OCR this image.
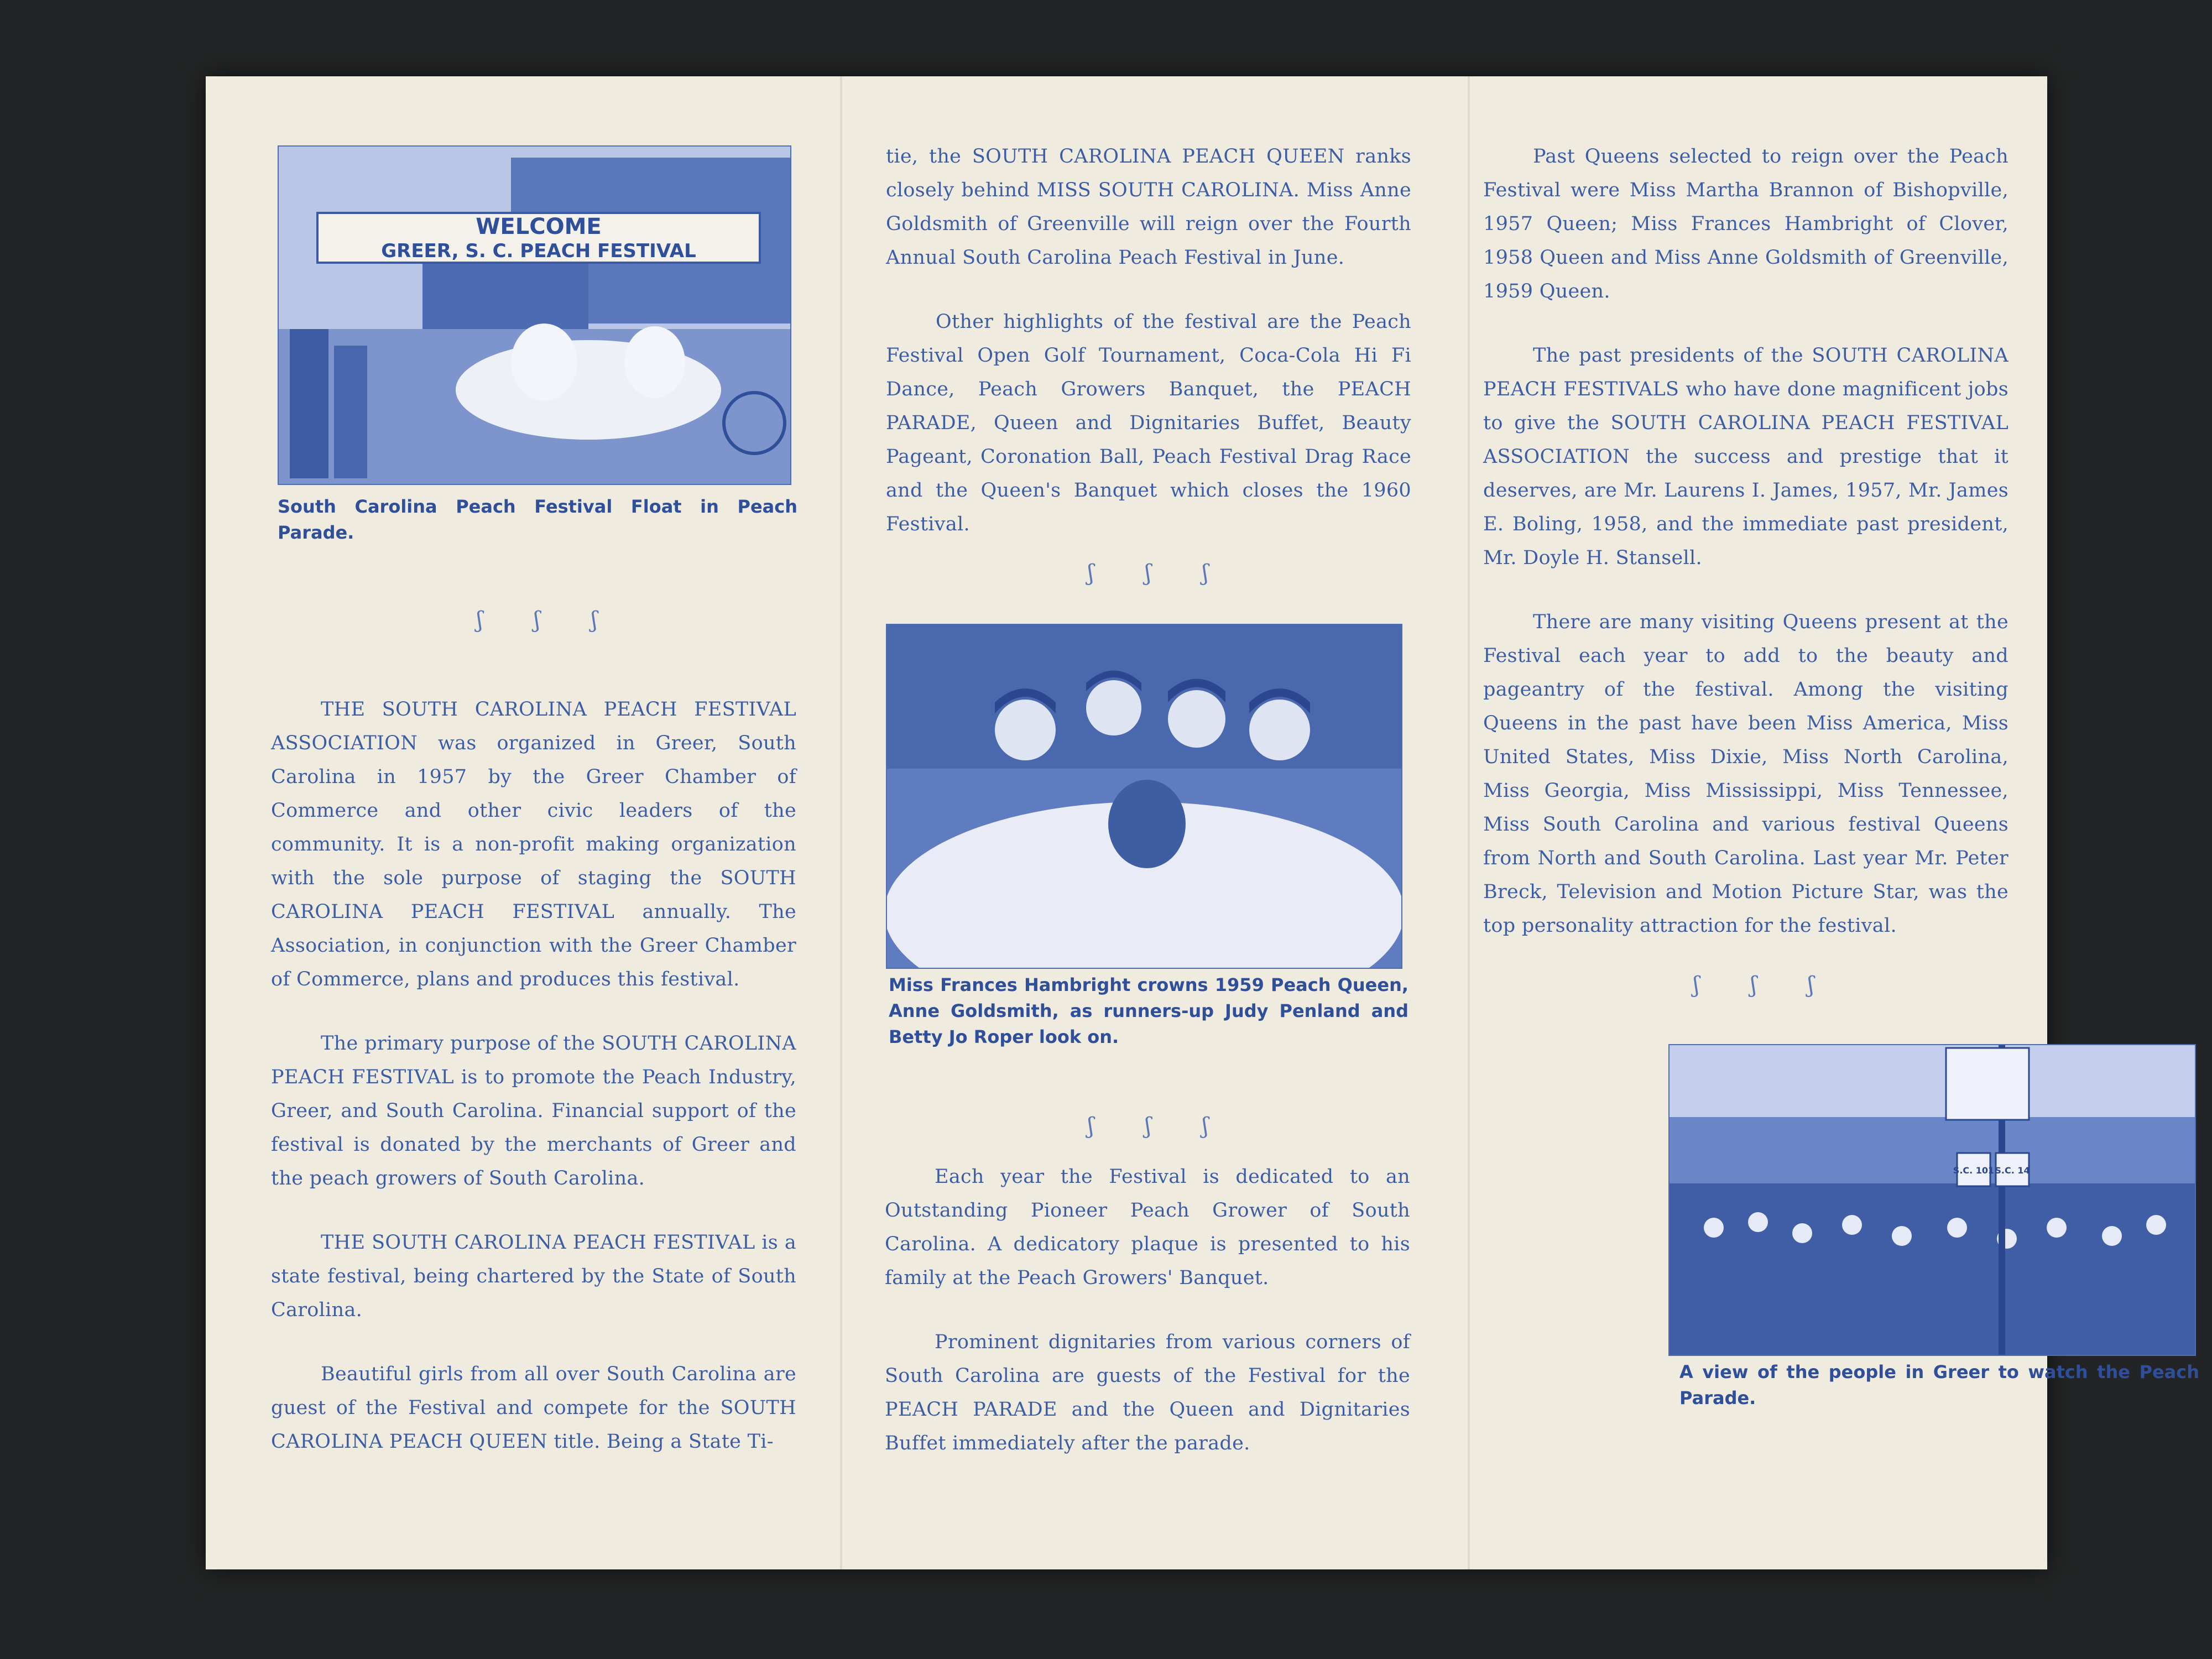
WELCOME
GREER, S. C. PEACH FESTIVAL
South Carolina Peach Festival Float in Peach Parade.
ʃ ʃ ʃ

THE SOUTH CAROLINA PEACH FESTIVAL ASSOCIATION was organized in Greer, South Carolina in 1957 by the Greer Chamber of Commerce and other civic leaders of the community. It is a non-profit making organization with the sole purpose of staging the SOUTH CAROLINA PEACH FESTIVAL annually. The Association, in conjunction with the Greer Chamber of Commerce, plans and produces this festival.

The primary purpose of the SOUTH CAROLINA PEACH FESTIVAL is to promote the Peach Industry, Greer, and South Carolina. Financial support of the festival is donated by the merchants of Greer and the peach growers of South Carolina.

THE SOUTH CAROLINA PEACH FESTIVAL is a state festival, being chartered by the State of South Carolina.

Beautiful girls from all over South Carolina are guest of the Festival and compete for the SOUTH CAROLINA PEACH QUEEN title. Being a State Ti-

tie, the SOUTH CAROLINA PEACH QUEEN ranks closely behind MISS SOUTH CAROLINA. Miss Anne Goldsmith of Greenville will reign over the Fourth Annual South Carolina Peach Festival in June.

Other highlights of the festival are the Peach Festival Open Golf Tournament, Coca-Cola Hi Fi Dance, Peach Growers Banquet, the PEACH PARADE, Queen and Dignitaries Buffet, Beauty Pageant, Coronation Ball, Peach Festival Drag Race and the Queen's Banquet which closes the 1960 Festival.

ʃ ʃ ʃ
Miss Frances Hambright crowns 1959 Peach Queen, Anne Goldsmith, as runners-up Judy Penland and Betty Jo Roper look on.
ʃ ʃ ʃ

Each year the Festival is dedicated to an Outstanding Pioneer Peach Grower of South Carolina. A dedicatory plaque is presented to his family at the Peach Growers' Banquet.

Prominent dignitaries from various corners of South Carolina are guests of the Festival for the PEACH PARADE and the Queen and Dignitaries Buffet immediately after the parade.

Past Queens selected to reign over the Peach Festival were Miss Martha Brannon of Bishopville, 1957 Queen; Miss Frances Hambright of Clover, 1958 Queen and Miss Anne Goldsmith of Greenville, 1959 Queen.

The past presidents of the SOUTH CAROLINA PEACH FESTIVALS who have done magnificent jobs to give the SOUTH CAROLINA PEACH FESTIVAL ASSOCIATION the success and prestige that it deserves, are Mr. Laurens I. James, 1957, Mr. James E. Boling, 1958, and the immediate past president, Mr. Doyle H. Stansell.

There are many visiting Queens present at the Festival each year to add to the beauty and pageantry of the festival. Among the visiting Queens in the past have been Miss America, Miss United States, Miss Dixie, Miss North Carolina, Miss Georgia, Miss Mississippi, Miss Tennessee, Miss South Carolina and various festival Queens from North and South Carolina. Last year Mr. Peter Breck, Television and Motion Picture Star, was the top personality attraction for the festival.

ʃ ʃ ʃ
S.C. 101 S.C. 14
A view of the people in Greer to watch the Peach Parade.
